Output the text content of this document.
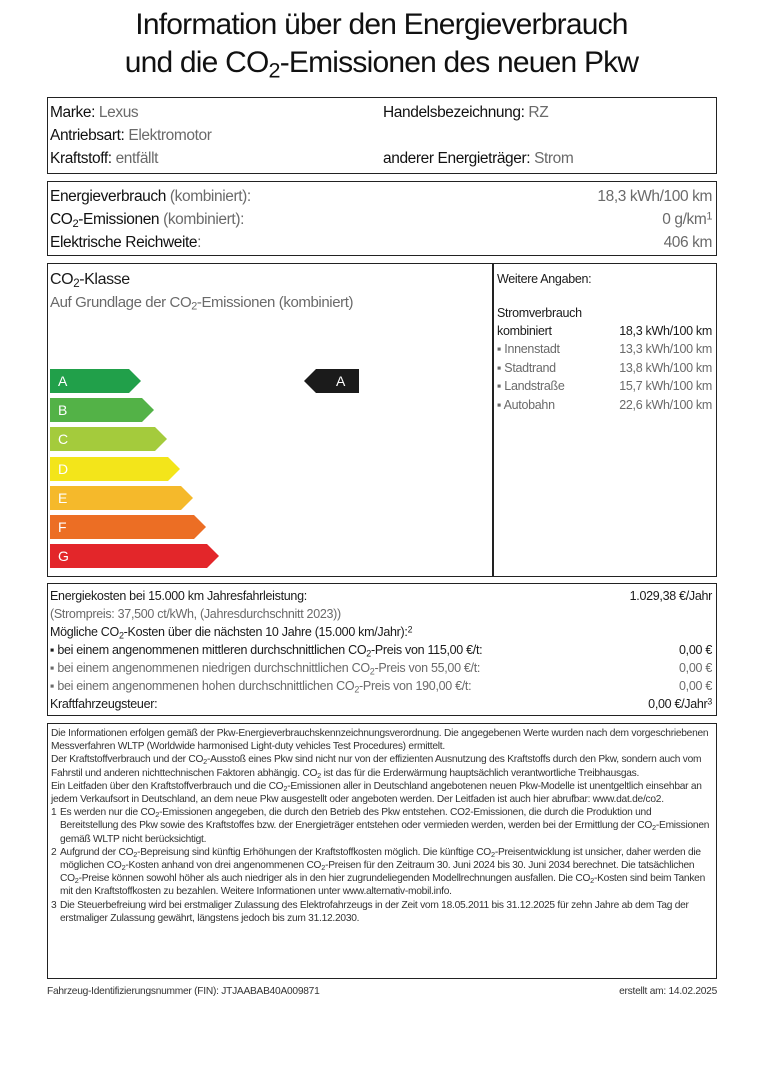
Information über den Energieverbrauch
und die $CO_2$-Emissionen des neuen Pkw
Marke: Lexus	Handelsbezeichnung: RZ
Antriebsart: Elektromotor
Kraftstoff: entfällt	anderer Energieträger: Strom
Energieverbrauch (kombiniert):	18,3 kWh/100 km
$CO_2$-Emissionen (kombiniert):	0 $g/km^1$
Elektrische Reichweite:	406 km
$CO_2$-Klasse
Auf Grundlage der $CO_2$-Emissionen (kombiniert)
A
B
C
D
E
F
G
A
Weitere Angaben:
Stromverbrauch
kombiniert	18,3 kWh/100 km
▪ Innenstadt	13,3 kWh/100 km
▪ Stadtrand	13,8 kWh/100 km
▪ Landstraße	15,7 kWh/100 km
▪ Autobahn	22,6 kWh/100 km
Energiekosten bei 15.000 km Jahresfahrleistung:	1.029,38 €/Jahr
(Strompreis: 37,500 ct/kWh, (Jahresdurchschnitt 2023))
Mögliche $CO_2$-Kosten über die nächsten 10 Jahre (15.000 km/Jahr):$^2$
▪ bei einem angenommenen mittleren durchschnittlichen $CO_2$-Preis von 115,00 €/t:	0,00 €
▪ bei einem angenommenen niedrigen durchschnittlichen $CO_2$-Preis von 55,00 €/t:	0,00 €
▪ bei einem angenommenen hohen durchschnittlichen $CO_2$-Preis von 190,00 €/t:	0,00 €
Kraftfahrzeugsteuer:	0,00 €/Jahr$^3$

Die Informationen erfolgen gemäß der Pkw-Energieverbrauchskennzeichnungsverordnung. Die angegebenen Werte wurden nach dem vorgeschriebenen Messverfahren WLTP (Worldwide harmonised Light-duty vehicles Test Procedures) ermittelt.

Der Kraftstoffverbrauch und der $CO_2$-Ausstoß eines Pkw sind nicht nur von der effizienten Ausnutzung des Kraftstoffs durch den Pkw, sondern auch vom Fahrstil und anderen nichttechnischen Faktoren abhängig. $CO_2$ ist das für die Erderwärmung hauptsächlich verantwortliche Treibhausgas.

Ein Leitfaden über den Kraftstoffverbrauch und die $CO_2$-Emissionen aller in Deutschland angebotenen neuen Pkw-Modelle ist unentgeltlich einsehbar an jedem Verkaufsort in Deutschland, an dem neue Pkw ausgestellt oder angeboten werden. Der Leitfaden ist auch hier abrufbar: www.dat.de/co2.

1 Es werden nur die $CO_2$-Emissionen angegeben, die durch den Betrieb des Pkw entstehen. CO2-Emissionen, die durch die Produktion und Bereitstellung des Pkw sowie des Kraftstoffes bzw. der Energieträger entstehen oder vermieden werden, werden bei der Ermittlung der $CO_2$-Emissionen gemäß WLTP nicht berücksichtigt.
2 Aufgrund der $CO_2$-Bepreisung sind künftig Erhöhungen der Kraftstoffkosten möglich. Die künftige $CO_2$-Preisentwicklung ist unsicher, daher werden die möglichen $CO_2$-Kosten anhand von drei angenommenen $CO_2$-Preisen für den Zeitraum 30. Juni 2024 bis 30. Juni 2034 berechnet. Die tatsächlichen $CO_2$-Preise können sowohl höher als auch niedriger als in den hier zugrundeliegenden Modellrechnungen ausfallen. Die $CO_2$-Kosten sind beim Tanken mit den Kraftstoffkosten zu bezahlen. Weitere Informationen unter www.alternativ-mobil.info.
3 Die Steuerbefreiung wird bei erstmaliger Zulassung des Elektrofahrzeugs in der Zeit vom 18.05.2011 bis 31.12.2025 für zehn Jahre ab dem Tag der erstmaliger Zulassung gewährt, längstens jedoch bis zum 31.12.2030.
Fahrzeug-Identifizierungsnummer (FIN): JTJAABAB40A009871	erstellt am: 14.02.2025
